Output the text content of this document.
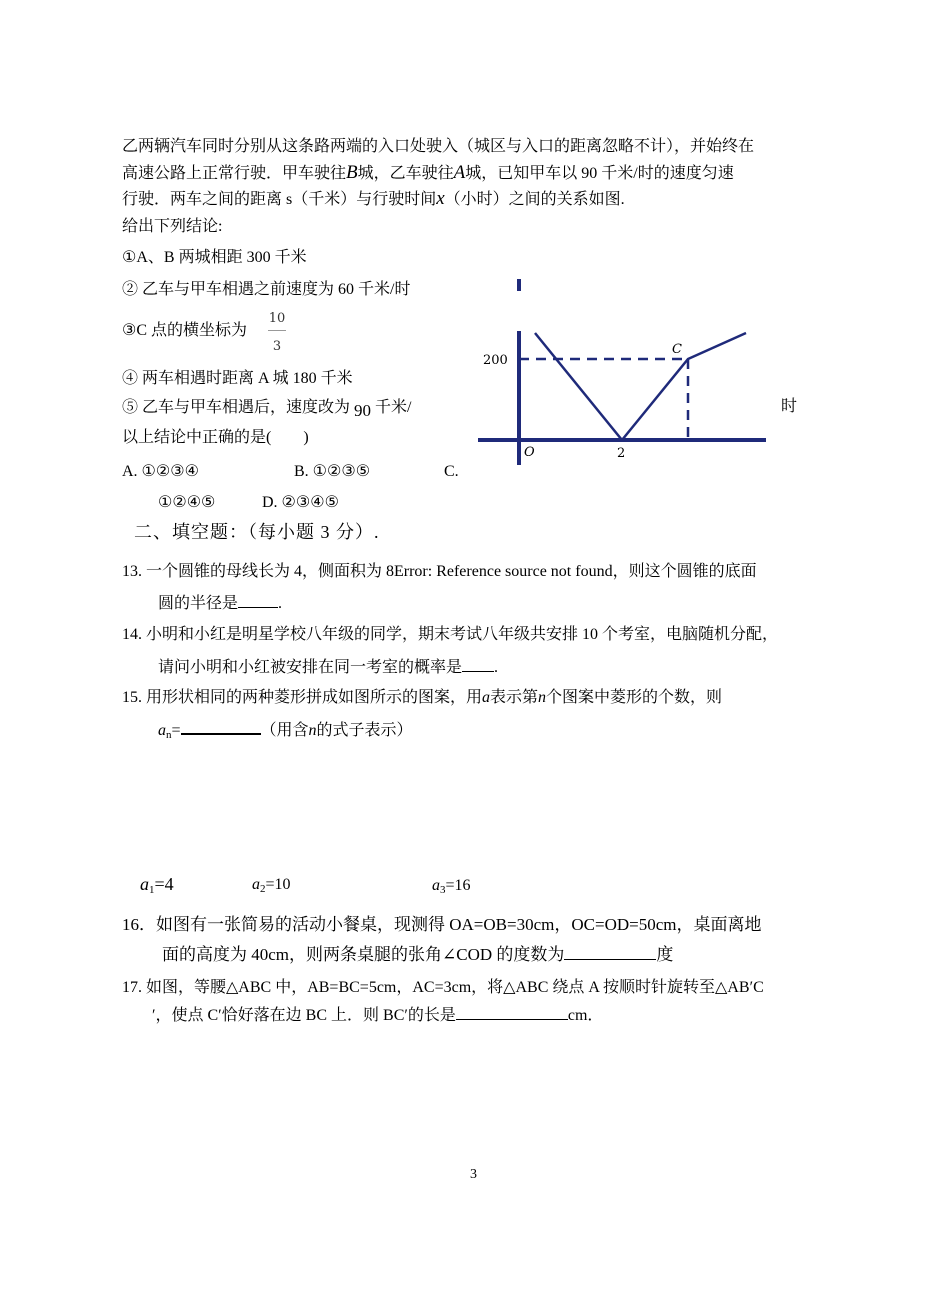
乙两辆汽车同时分别从这条路两端的入口处驶入（城区与入口的距离忽略不计），并始终在
高速公路上正常行驶．甲车驶往B城，乙车驶往A城，已知甲车以 90 千米/时的速度匀速
行驶．两车之间的距离 s（千米）与行驶时间x（小时）之间的关系如图.
给出下列结论:
①A、B 两城相距 300 千米
② 乙车与甲车相遇之前速度为 60 千米/时
③C 点的横坐标为
10
3
④ 两车相遇时距离 A 城 180 千米
⑤ 乙车与甲车相遇后，速度改为 90 千米/	时
以上结论中正确的是(　　)
A. ①②③④	B. ①②③⑤	C.
①②④⑤	D. ②③④⑤
200
C
O	2
二、填空题：（每小题 3 分）.
13. 一个圆锥的母线长为 4，侧面积为 8Error: Reference source not found，则这个圆锥的底面
圆的半径是	.
14. 小明和小红是明星学校八年级的同学，期末考试八年级共安排 10 个考室，电脑随机分配，
请问小明和小红被安排在同一考室的概率是 .
15. 用形状相同的两种菱形拼成如图所示的图案，用a表示第n个图案中菱形的个数，则
$a_n=$	（用含n的式子表示）
$a_1=4$	$a_2=10$	$a_3=16$
16．如图有一张简易的活动小餐桌，现测得 OA=OB=30cm，OC=OD=50cm，桌面离地
面的高度为 40cm，则两条桌腿的张角∠COD 的度数为	度
17. 如图，等腰△ABC 中，AB=BC=5cm，AC=3cm，将△ABC 绕点 A 按顺时针旋转至△AB′C
′，使点 C′恰好落在边 BC 上．则 BC′的长是	cm．
3
